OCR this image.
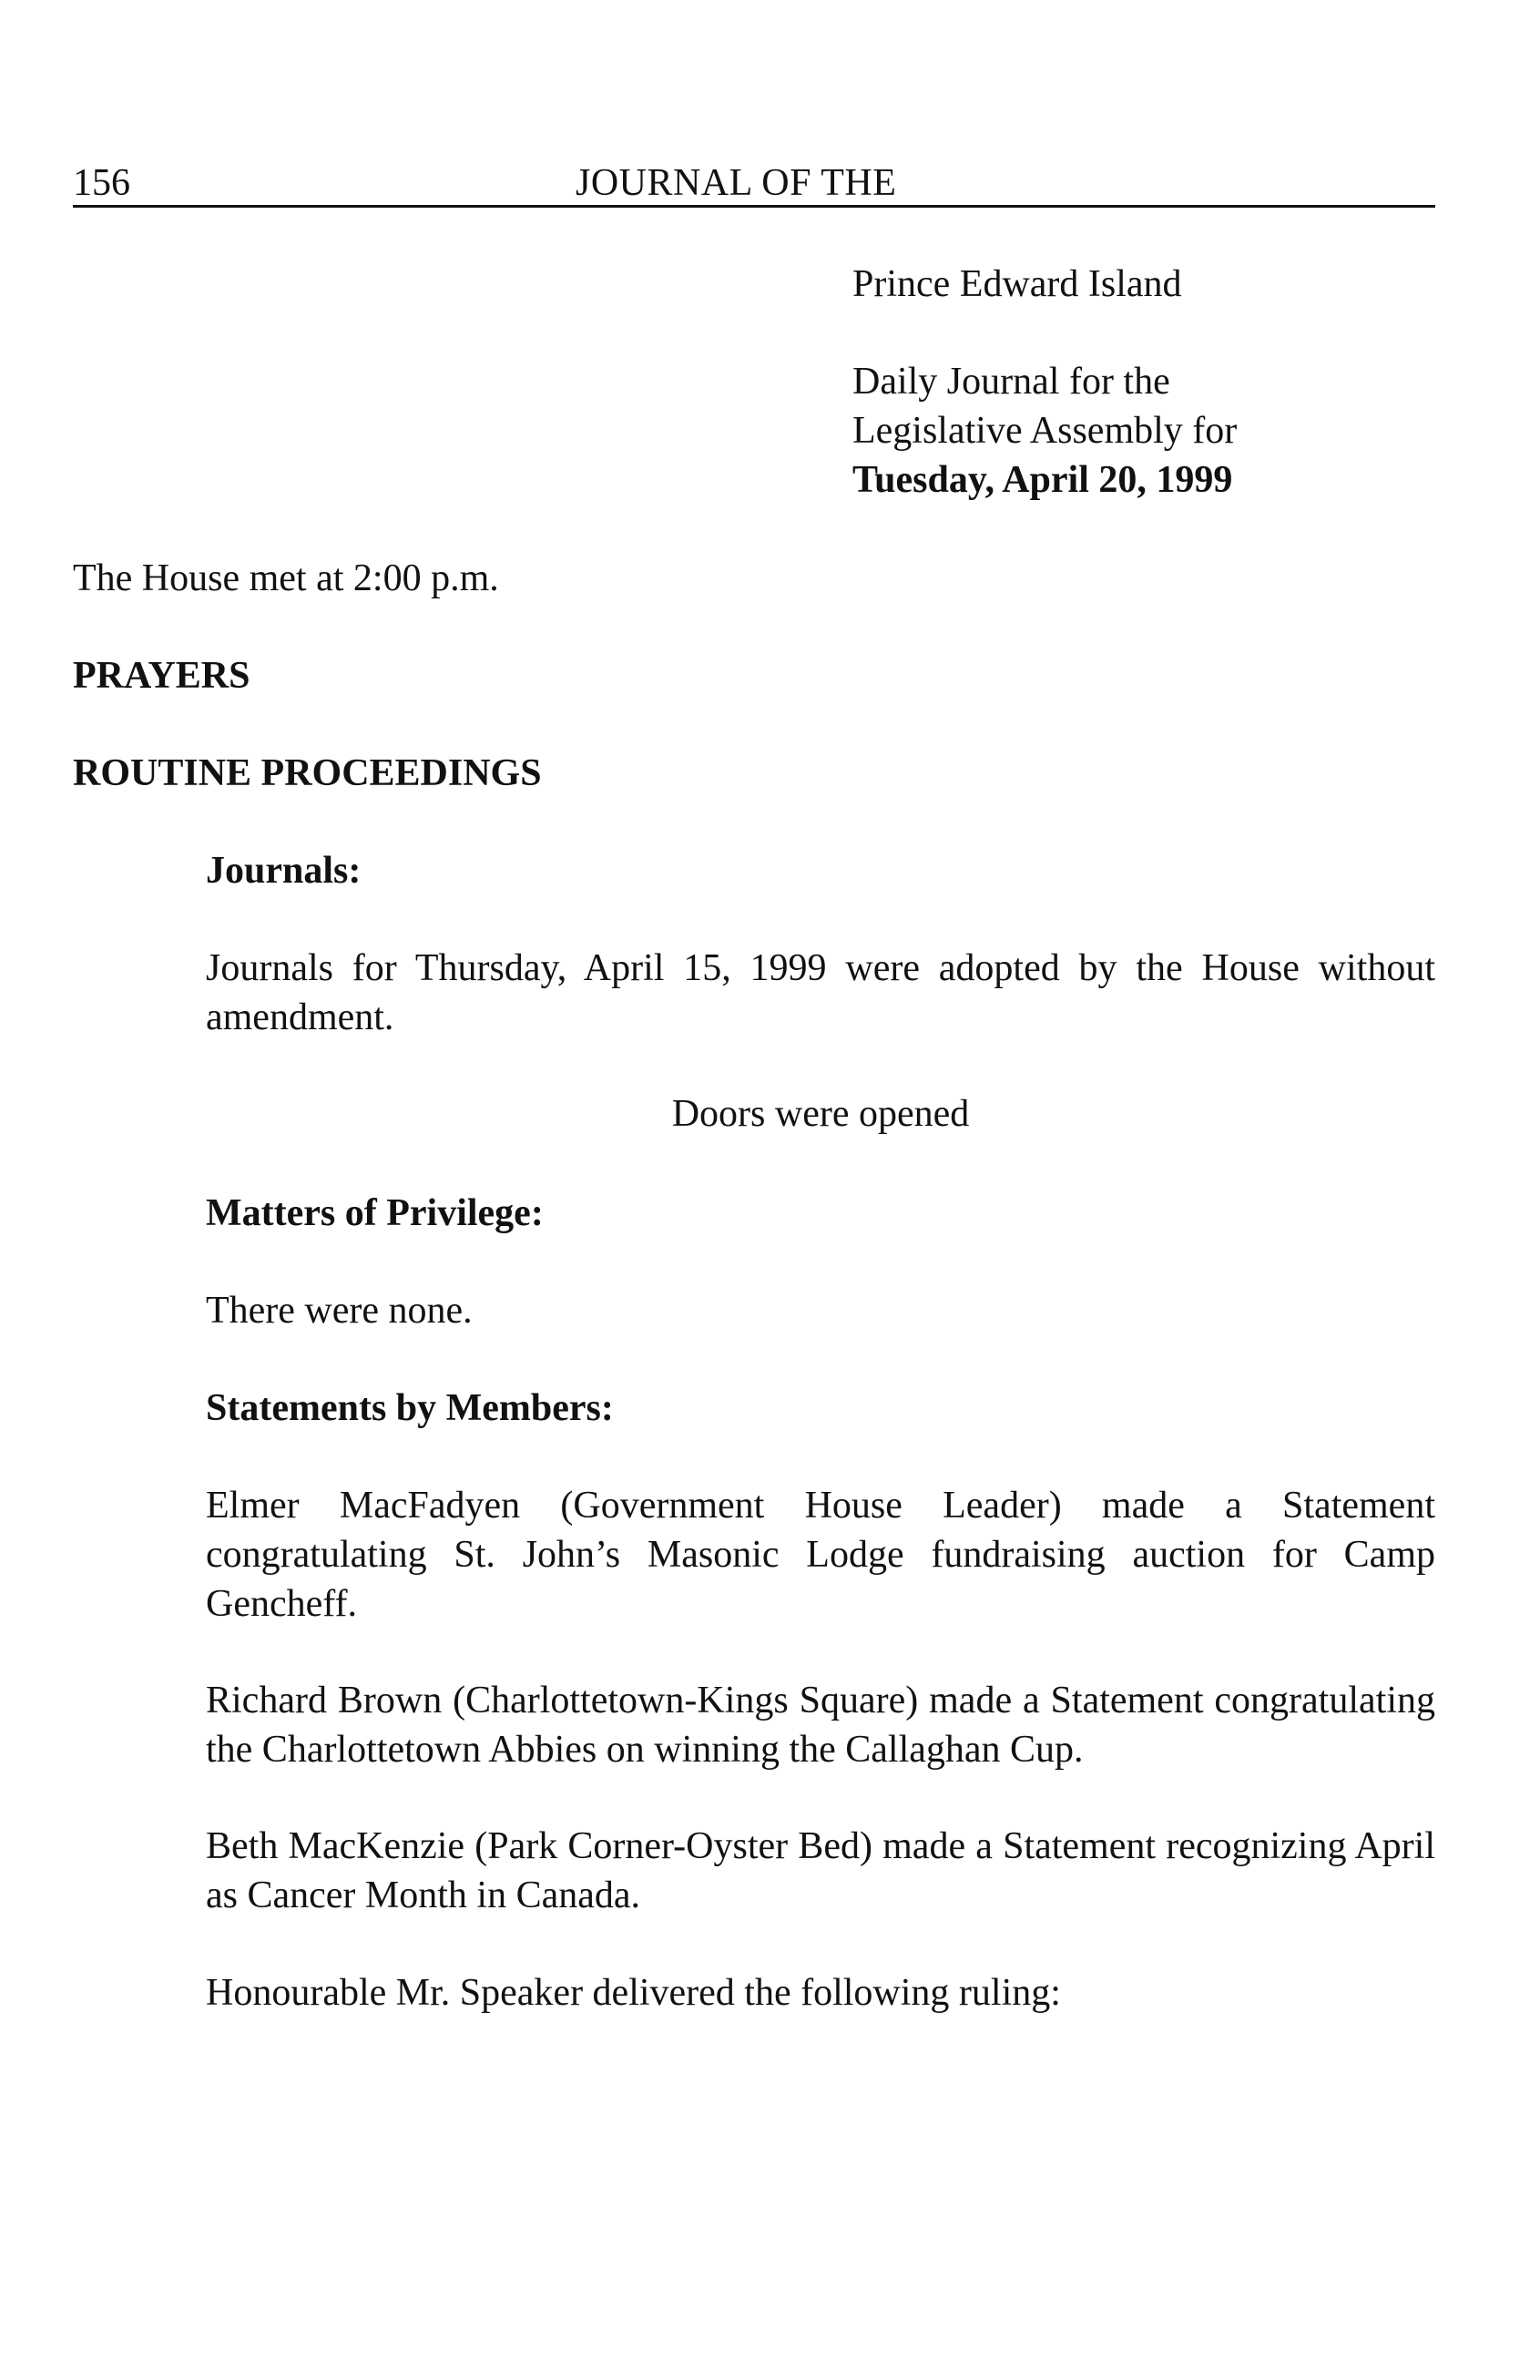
156	JOURNAL OF THE
Prince Edward Island
Daily Journal for the
Legislative Assembly for
Tuesday, April 20, 1999
The House met at 2:00 p.m.
PRAYERS
ROUTINE PROCEEDINGS
Journals:
Journals for Thursday, April 15, 1999 were adopted by the House without amendment.
Doors were opened
Matters of Privilege:
There were none.
Statements by Members:
Elmer MacFadyen (Government House Leader) made a Statement congratulating St. John’s Masonic Lodge fundraising auction for Camp Gencheff.
Richard Brown (Charlottetown-Kings Square) made a Statement congratulating the Charlottetown Abbies on winning the Callaghan Cup.
Beth MacKenzie (Park Corner-Oyster Bed) made a Statement recognizing April as Cancer Month in Canada.
Honourable Mr. Speaker delivered the following ruling:
